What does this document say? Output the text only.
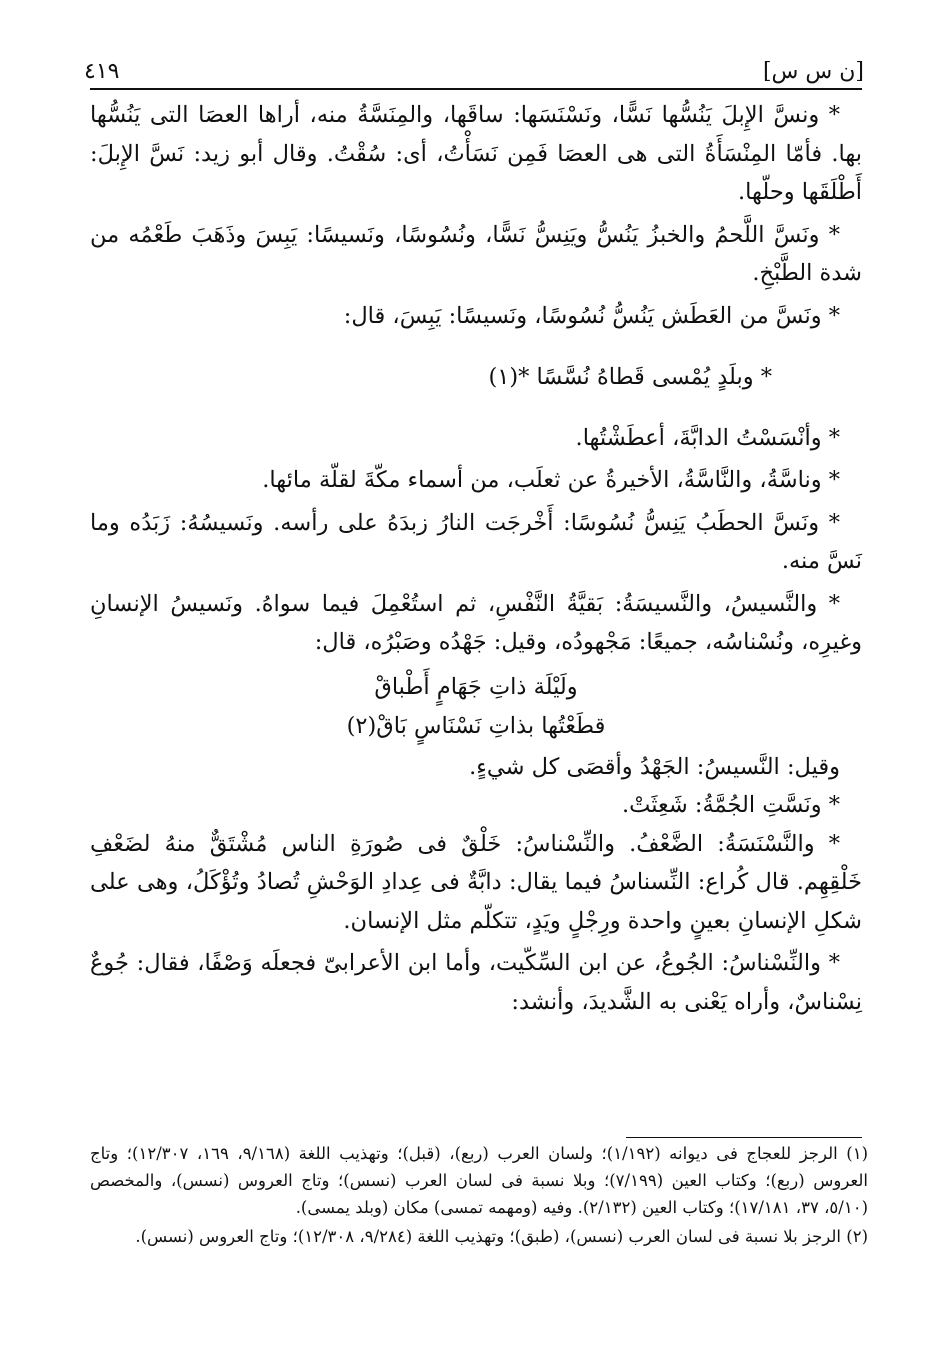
[ن س س]
٤١٩

* ونسَّ الإِبلَ يَنُسُّها نَسًّا، ونَسْنَسَها: ساقَها، والمِنَسَّةُ منه، أراها العصَا التى يَنُسُّها بها. فأمّا المِنْسَأَةُ التى هى العصَا فَمِن نَسَأْتُ، أى: سُقْتُ. وقال أبو زيد: نَسَّ الإِبلَ: أَطْلَقَها وحلّها.

* ونَسَّ اللَّحمُ والخبزُ يَنُسُّ ويَنِسُّ نَسًّا، ونُسُوسًا، ونَسيسًا: يَبِسَ وذَهَبَ طَعْمُه من شدة الطَّبْخِ.

* ونَسَّ من العَطَش يَنُسُّ نُسُوسًا، ونَسيسًا: يَبِسَ، قال:

* وبلَدٍ يُمْسى قَطاهُ نُسَّسًا *(١)

* وأنْسَسْتُ الدابَّةَ، أعطَشْتُها.

* وناسَّةُ، والنَّاسَّةُ، الأخيرةُ عن ثعلَب، من أسماء مكّةَ لقلّة مائها.

* ونَسَّ الحطَبُ يَنِسُّ نُسُوسًا: أَخْرجَت النارُ زبدَهُ على رأسه. ونَسيسُهُ: زَبَدُه وما نَسَّ منه.

* والنَّسيسُ، والنَّسيسَةُ: بَقيَّةُ النَّفْسِ، ثم استُعْمِلَ فيما سواهُ. ونَسيسُ الإنسانِ وغيرِه، ونُسْناسُه، جميعًا: مَجْهودُه، وقيل: جَهْدُه وصَبْرُه، قال:

ولَيْلَة ذاتِ جَهَامٍ أَطْباقْ

قطَعْتُها بذاتِ نَسْنَاسٍ بَاقْ(٢)

وقيل: النَّسيسُ: الجَهْدُ وأقصَى كل شيءٍ.

* ونَسَّتِ الجُمَّةُ: شَعِثَتْ.

* والنَّسْنَسَةُ: الضَّعْفُ. والنِّسْناسُ: خَلْقٌ فى صُورَةِ الناس مُشْتَقٌّ منهُ لضَعْفِ خَلْقِهِم. قال كُراع: النِّسناسُ فيما يقال: دابَّةٌ فى عِدادِ الوَحْشِ تُصادُ وتُؤْكَلُ، وهى على شكلِ الإنسانِ بعينٍ واحدة ورِجْلٍ ويَدٍ، تتكلّم مثل الإنسان.

* والنِّسْناسُ: الجُوعُ، عن ابن السِّكّيت، وأما ابن الأعرابىّ فجعلَه وَصْفًا، فقال: جُوعٌ نِسْناسٌ، وأراه يَعْنى به الشَّديدَ، وأنشد:

(١) الرجز للعجاج فى ديوانه (١/١٩٢)؛ ولسان العرب (ربع)، (قبل)؛ وتهذيب اللغة (٩/١٦٨، ١٦٩، ١٢/٣٠٧)؛ وتاج العروس (ربع)؛ وكتاب العين (٧/١٩٩)؛ وبلا نسبة فى لسان العرب (نسس)؛ وتاج العروس (نسس)، والمخصص (٥/١٠، ٣٧، ١٧/١٨١)؛ وكتاب العين (٢/١٣٢). وفيه (ومهمه تمسى) مكان (وبلد يمسى).

(٢) الرجز بلا نسبة فى لسان العرب (نسس)، (طبق)؛ وتهذيب اللغة (٩/٢٨٤، ١٢/٣٠٨)؛ وتاج العروس (نسس).
